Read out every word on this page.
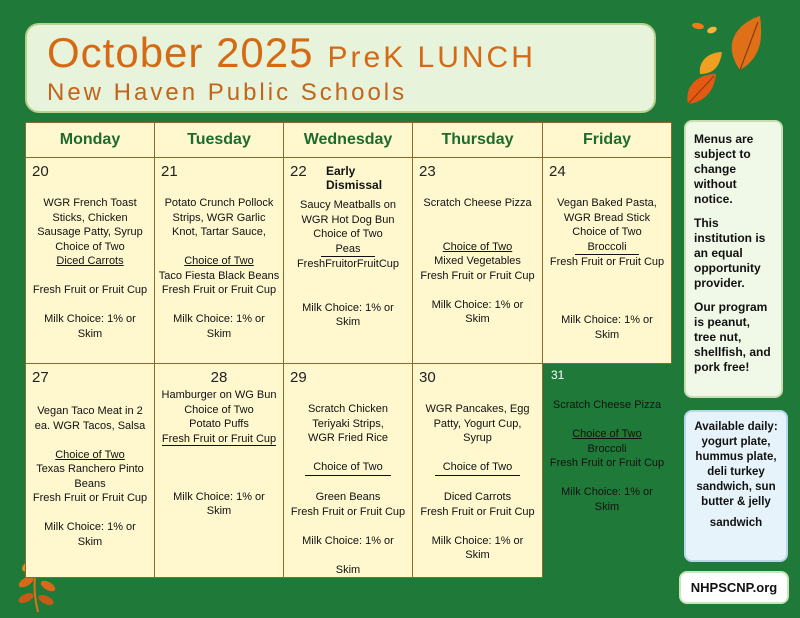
October 2025 PreK LUNCH
New Haven Public Schools
Monday	Tuesday	Wednesday	Thursday	Friday
20
WGR French Toast
Sticks, Chicken
Sausage Patty, Syrup
Choice of Two
Diced Carrots

Fresh Fruit or Fruit Cup

Milk Choice: 1% or
Skim
21
Potato Crunch Pollock
Strips, WGR Garlic
Knot, Tartar Sauce,

Choice of Two
Taco Fiesta Black Beans
Fresh Fruit or Fruit Cup

Milk Choice: 1% or
Skim
22 Early Dismissal
Saucy Meatballs on
WGR Hot Dog Bun
Choice of Two
Peas
FreshFruitorFruitCup

Milk Choice: 1% or
Skim
23
Scratch Cheese Pizza

Choice of Two
Mixed Vegetables
Fresh Fruit or Fruit Cup

Milk Choice: 1% or
Skim
24
Vegan Baked Pasta,
WGR Bread Stick
Choice of Two
Broccoli
Fresh Fruit or Fruit Cup

Milk Choice: 1% or
Skim
27
Vegan Taco Meat in 2
ea. WGR Tacos, Salsa

Choice of Two
Texas Ranchero Pinto
Beans
Fresh Fruit or Fruit Cup

Milk Choice: 1% or
Skim
28
Hamburger on WG Bun
Choice of Two
Potato Puffs
Fresh Fruit or Fruit Cup

Milk Choice: 1% or
Skim
29
Scratch Chicken
Teriyaki Strips,
WGR Fried Rice

Choice of Two

Green Beans
Fresh Fruit or Fruit Cup

Milk Choice: 1% or

Skim
30
WGR Pancakes, Egg
Patty, Yogurt Cup,
Syrup

Choice of Two

Diced Carrots
Fresh Fruit or Fruit Cup

Milk Choice: 1% or
Skim
31
Scratch Cheese Pizza

Choice of Two
Broccoli
Fresh Fruit or Fruit Cup

Milk Choice: 1% or
Skim

Menus are subject to change without notice.

This institution is an equal opportunity provider.

Our program is peanut, tree nut, shellfish, and pork free!

Available daily: yogurt plate, hummus plate, deli turkey sandwich, sun butter & jelly
sandwich
NHPSCNP.org
